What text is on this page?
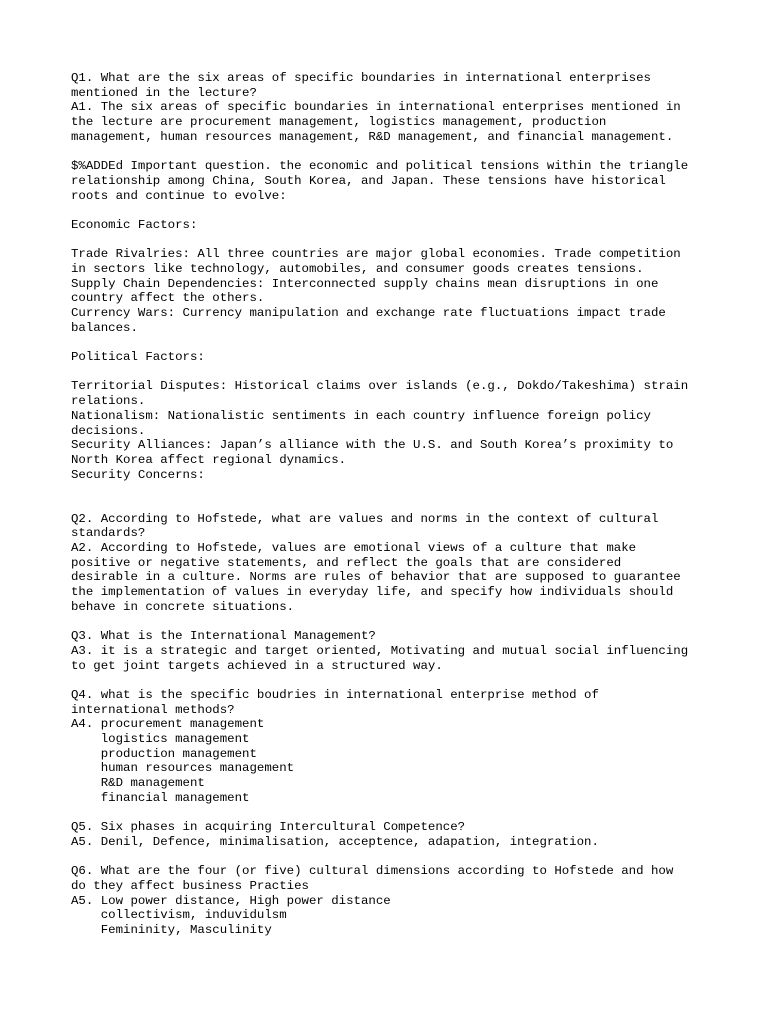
Q1. What are the six areas of specific boundaries in international enterprises
mentioned in the lecture?
A1. The six areas of specific boundaries in international enterprises mentioned in
the lecture are procurement management, logistics management, production
management, human resources management, R&D management, and financial management.
$%ADDEd Important question. the economic and political tensions within the triangle
relationship among China, South Korea, and Japan. These tensions have historical
roots and continue to evolve:
Economic Factors:
Trade Rivalries: All three countries are major global economies. Trade competition
in sectors like technology, automobiles, and consumer goods creates tensions.
Supply Chain Dependencies: Interconnected supply chains mean disruptions in one
country affect the others.
Currency Wars: Currency manipulation and exchange rate fluctuations impact trade
balances.
Political Factors:
Territorial Disputes: Historical claims over islands (e.g., Dokdo/Takeshima) strain
relations.
Nationalism: Nationalistic sentiments in each country influence foreign policy
decisions.
Security Alliances: Japan’s alliance with the U.S. and South Korea’s proximity to
North Korea affect regional dynamics.
Security Concerns:
Q2. According to Hofstede, what are values and norms in the context of cultural
standards?
A2. According to Hofstede, values are emotional views of a culture that make
positive or negative statements, and reflect the goals that are considered
desirable in a culture. Norms are rules of behavior that are supposed to guarantee
the implementation of values in everyday life, and specify how individuals should
behave in concrete situations.
Q3. What is the International Management?
A3. it is a strategic and target oriented, Motivating and mutual social influencing
to get joint targets achieved in a structured way.
Q4. what is the specific boudries in international enterprise method of
international methods?
A4. procurement management
logistics management
production management
human resources management
R&D management
financial management
Q5. Six phases in acquiring Intercultural Competence?
A5. Denil, Defence, minimalisation, acceptence, adapation, integration.
Q6. What are the four (or five) cultural dimensions according to Hofstede and how
do they affect business Practies
A5. Low power distance, High power distance
collectivism, induvidulsm
Femininity, Masculinity
